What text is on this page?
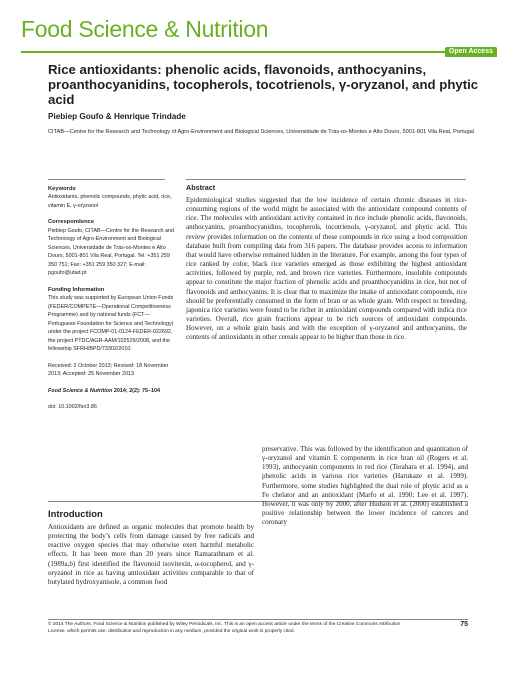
Food Science & Nutrition
Open Access
Rice antioxidants: phenolic acids, flavonoids, anthocyanins, proanthocyanidins, tocopherols, tocotrienols, γ-oryzanol, and phytic acid
Piebiep Goufo & Henrique Trindade
CITAB—Centre for the Research and Technology of Agro-Environment and Biological Sciences, Universidade de Trás-os-Montes e Alto Douro, 5001-801 Vila Real, Portugal
Keywords
Antioxidants, phenolic compounds, phytic acid, rice, vitamin E, γ-oryzanol
Correspondence
Piebiep Goufo, CITAB—Centre for the Research and Technology of Agro-Environment and Biological Sciences, Universidade de Trás-os-Montes e Alto Douro, 5001-801 Vila Real, Portugal. Tel: +351 259 350 751; Fax: +351 259 350 327; E-mail: pgoufo@utad.pt
Funding Information
This study was supported by European Union Funds (FEDER/COMPETE—Operational Competitiveness Programme) and by national funds (FCT—Portuguese Foundation for Science and Technology) under the project FCOMP-01-0124-FEDER-022692, the project PTDC/AGR-AAM/102529/2008, and the fellowship SFRH/BPD/73302/2010.
Received: 2 October 2013; Revised: 18 November 2013; Accepted: 25 November 2013
Food Science & Nutrition 2014; 2(2): 75–104
doi: 10.1002/fsn3.86
Abstract
Epidemiological studies suggested that the low incidence of certain chronic diseases in rice-consuming regions of the world might be associated with the antioxidant compound contents of rice. The molecules with antioxidant activity contained in rice include phenolic acids, flavonoids, anthocyanins, proanthocyanidins, tocopherols, tocotrienols, γ-oryzanol, and phytic acid. This review provides information on the contents of these compounds in rice using a food composition database built from compiling data from 316 papers. The database provides access to information that would have otherwise remained hidden in the literature. For example, among the four types of rice ranked by color, black rice varieties emerged as those exhibiting the highest antioxidant activities, followed by purple, red, and brown rice varieties. Furthermore, insoluble compounds appear to constitute the major fraction of phenolic acids and proanthocyanidins in rice, but not of flavonoids and anthocyanins. It is clear that to maximize the intake of antioxidant compounds, rice should be preferentially consumed in the form of bran or as whole grain. With respect to breeding, japonica rice varieties were found to be richer in antioxidant compounds compared with indica rice varieties. Overall, rice grain fractions appear to be rich sources of antioxidant compounds. However, on a whole grain basis and with the exception of γ-oryzanol and anthocyanins, the contents of antioxidants in other cereals appear to be higher than those in rice.
Introduction
Antioxidants are defined as organic molecules that promote health by protecting the body’s cells from damage caused by free radicals and reactive oxygen species that may otherwise exert harmful metabolic effects. It has been more than 20 years since Ramarathnam et al. (1989a,b) first identified the flavonoid isovitexin, α-tocopherol, and γ-oryzanol in rice as having antioxidant activities comparable to that of butylated hydroxyanisole, a common food
preservative. This was followed by the identification and quantitation of γ-oryzanol and vitamin E components in rice bran oil (Rogers et al. 1993), anthocyanin components in red rice (Terahara et al. 1994), and phenolic acids in various rice varieties (Harukaze et al. 1999). Furthermore, some studies highlighted the dual role of phytic acid as a Fe chelator and an antioxidant (Marfo et al. 1990; Lee et al. 1997). However, it was only by 2000, after Hudson et al. (2000) established a positive relationship between the lower incidence of cancers and coronary
© 2014 The Authors. Food Science & Nutrition published by Wiley Periodicals, Inc. This is an open access article under the terms of the Creative Commons Attribution License, which permits use, distribution and reproduction in any medium, provided the original work is properly cited.
75
